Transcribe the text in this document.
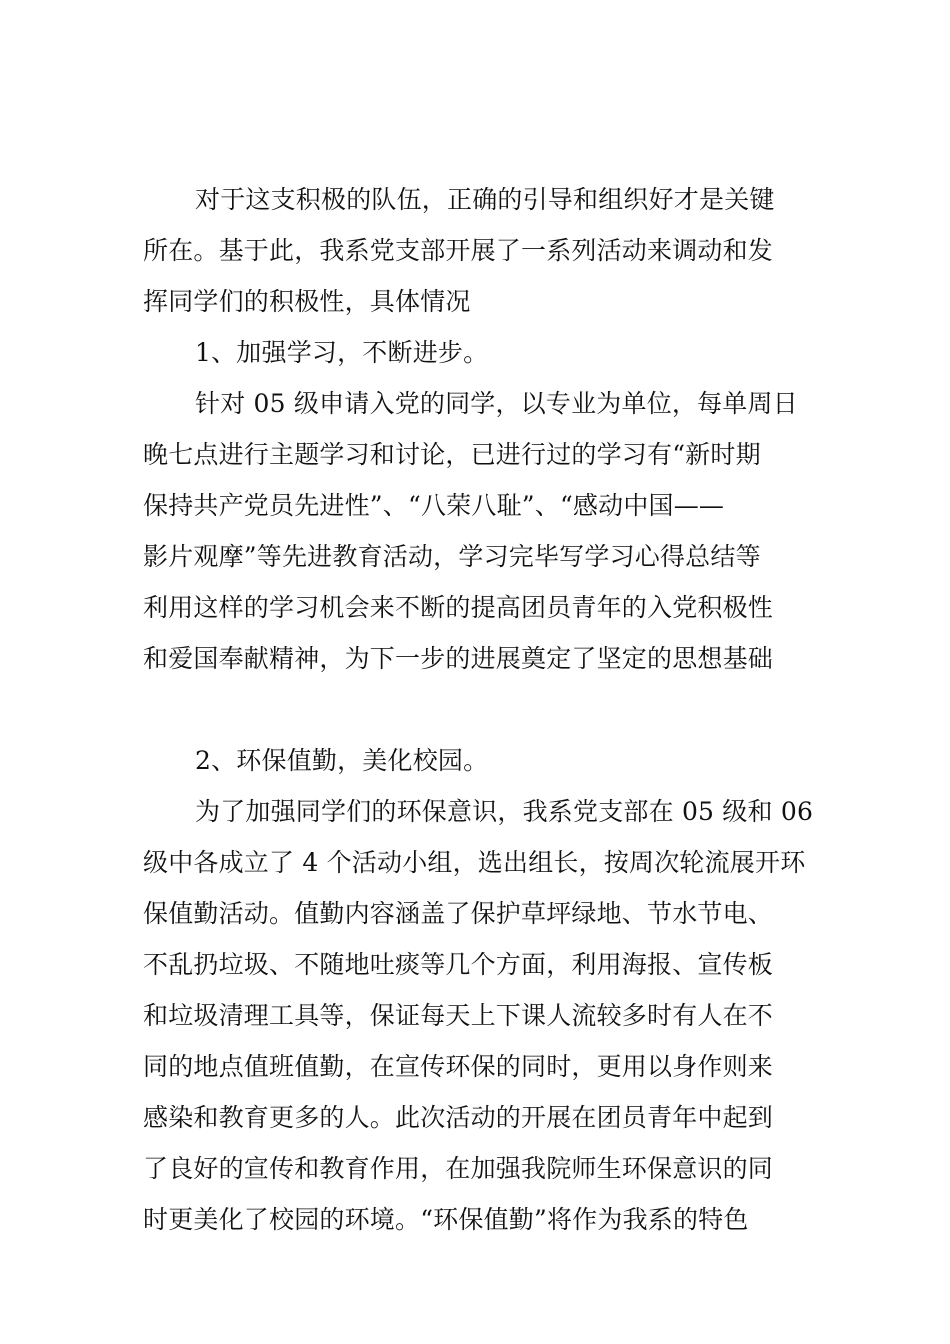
对于这支积极的队伍，正确的引导和组织好才是关键
所在。基于此，我系党支部开展了一系列活动来调动和发
挥同学们的积极性，具体情况
1、加强学习，不断进步。
针对 05 级申请入党的同学，以专业为单位，每单周日
晚七点进行主题学习和讨论，已进行过的学习有“新时期
保持共产党员先进性”、“八荣八耻”、“感动中国——
影片观摩”等先进教育活动，学习完毕写学习心得总结等
利用这样的学习机会来不断的提高团员青年的入党积极性
和爱国奉献精神，为下一步的进展奠定了坚定的思想基础
2、环保值勤，美化校园。
为了加强同学们的环保意识，我系党支部在 05 级和 06
级中各成立了 4 个活动小组，选出组长，按周次轮流展开环
保值勤活动。值勤内容涵盖了保护草坪绿地、节水节电、
不乱扔垃圾、不随地吐痰等几个方面，利用海报、宣传板
和垃圾清理工具等，保证每天上下课人流较多时有人在不
同的地点值班值勤，在宣传环保的同时，更用以身作则来
感染和教育更多的人。此次活动的开展在团员青年中起到
了良好的宣传和教育作用，在加强我院师生环保意识的同
时更美化了校园的环境。“环保值勤”将作为我系的特色
